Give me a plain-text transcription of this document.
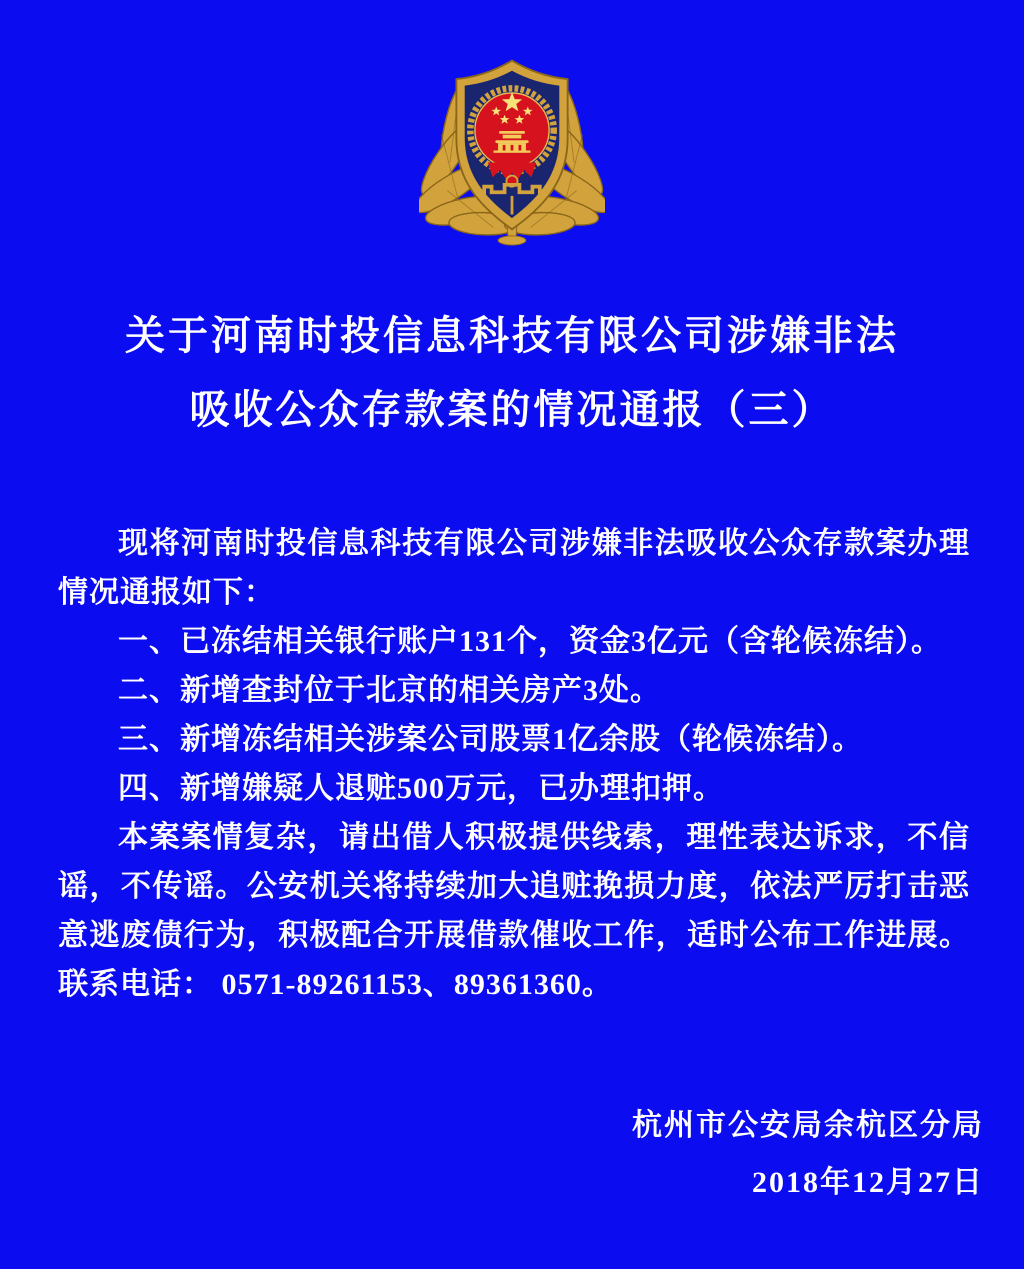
关于河南时投信息科技有限公司涉嫌非法
吸收公众存款案的情况通报（三）

现将河南时投信息科技有限公司涉嫌非法吸收公众存款案办理情况通报如下：

一、已冻结相关银行账户131个，资金3亿元（含轮候冻结）。

二、新增查封位于北京的相关房产3处。

三、新增冻结相关涉案公司股票1亿余股（轮候冻结）。

四、新增嫌疑人退赃500万元，已办理扣押。

本案案情复杂，请出借人积极提供线索，理性表达诉求，不信谣，不传谣。公安机关将持续加大追赃挽损力度，依法严厉打击恶意逃废债行为，积极配合开展借款催收工作，适时公布工作进展。联系电话： 0571-89261153、89361360。

杭州市公安局余杭区分局
2018年12月27日
